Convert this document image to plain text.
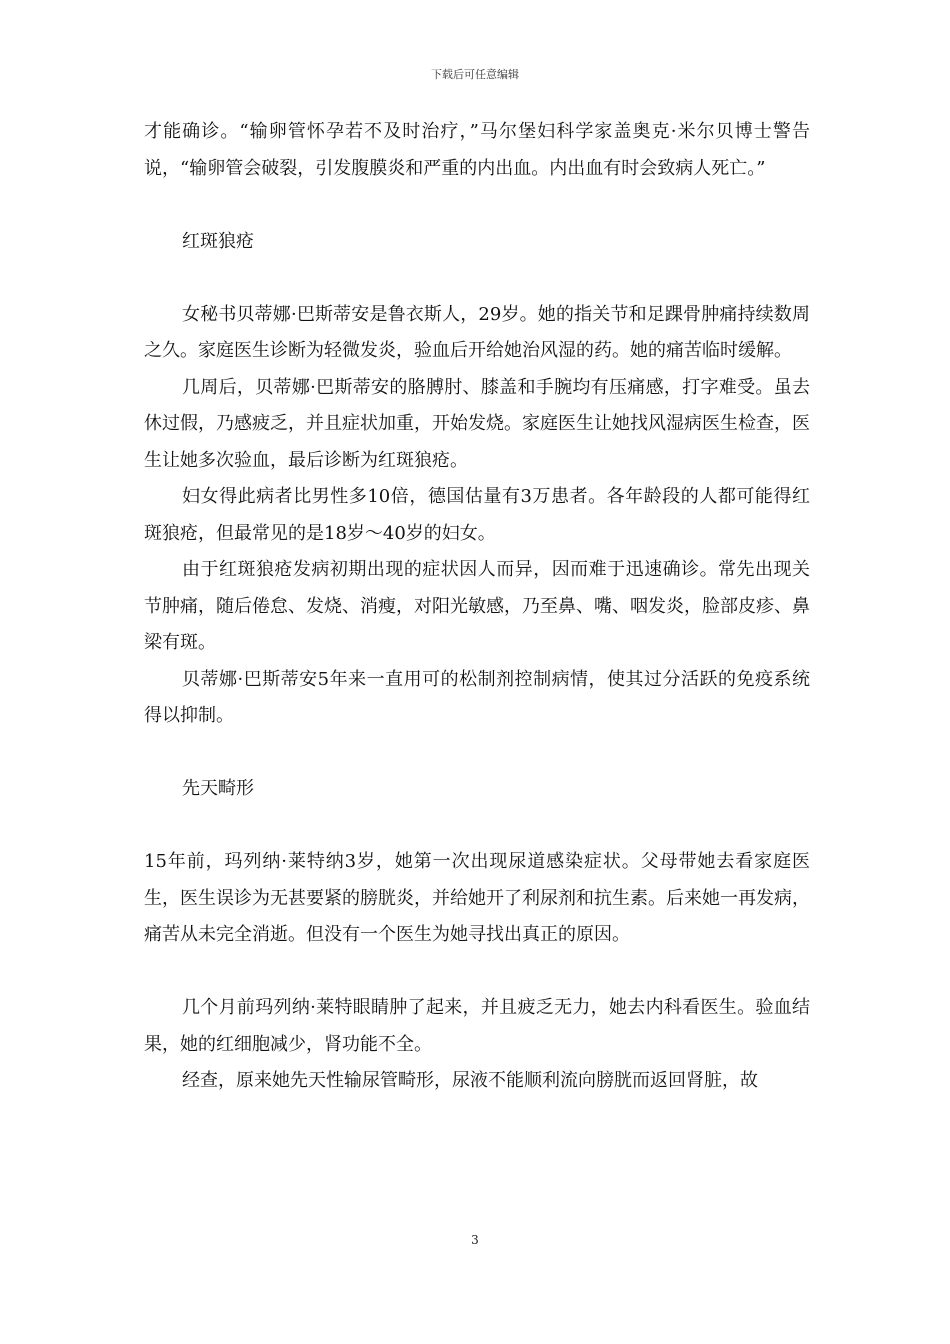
下载后可任意编辑

才能确诊。“输卵管怀孕若不及时治疗，”马尔堡妇科学家盖奥克·米尔贝博士警告说，“输卵管会破裂，引发腹膜炎和严重的内出血。内出血有时会致病人死亡。”

红斑狼疮

女秘书贝蒂娜·巴斯蒂安是鲁衣斯人，29岁。她的指关节和足踝骨肿痛持续数周之久。家庭医生诊断为轻微发炎，验血后开给她治风湿的药。她的痛苦临时缓解。

几周后，贝蒂娜·巴斯蒂安的胳膊肘、膝盖和手腕均有压痛感，打字难受。虽去休过假，乃感疲乏，并且症状加重，开始发烧。家庭医生让她找风湿病医生检查，医生让她多次验血，最后诊断为红斑狼疮。

妇女得此病者比男性多10倍，德国估量有3万患者。各年龄段的人都可能得红斑狼疮，但最常见的是18岁～40岁的妇女。

由于红斑狼疮发病初期出现的症状因人而异，因而难于迅速确诊。常先出现关节肿痛，随后倦怠、发烧、消瘦，对阳光敏感，乃至鼻、嘴、咽发炎，脸部皮疹、鼻梁有斑。

贝蒂娜·巴斯蒂安5年来一直用可的松制剂控制病情，使其过分活跃的免疫系统得以抑制。

先天畸形

15年前，玛列纳·莱特纳3岁，她第一次出现尿道感染症状。父母带她去看家庭医生，医生误诊为无甚要紧的膀胱炎，并给她开了利尿剂和抗生素。后来她一再发病，痛苦从未完全消逝。但没有一个医生为她寻找出真正的原因。

几个月前玛列纳·莱特眼睛肿了起来，并且疲乏无力，她去内科看医生。验血结果，她的红细胞减少，肾功能不全。

经查，原来她先天性输尿管畸形，尿液不能顺利流向膀胱而返回肾脏，故

3
